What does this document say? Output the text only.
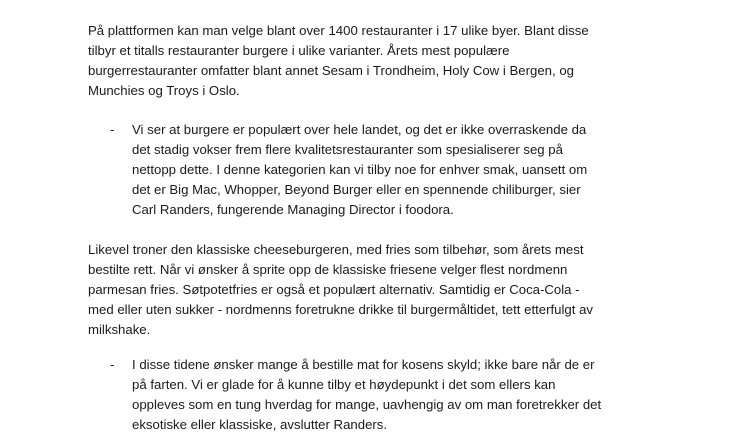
På plattformen kan man velge blant over 1400 restauranter i 17 ulike byer. Blant disse
tilbyr et titalls restauranter burgere i ulike varianter. Årets mest populære
burgerrestauranter omfatter blant annet Sesam i Trondheim, Holy Cow i Bergen, og
Munchies og Troys i Oslo.

- Vi ser at burgere er populært over hele landet, og det er ikke overraskende da
det stadig vokser frem flere kvalitetsrestauranter som spesialiserer seg på
nettopp dette. I denne kategorien kan vi tilby noe for enhver smak, uansett om
det er Big Mac, Whopper, Beyond Burger eller en spennende chiliburger, sier
Carl Randers, fungerende Managing Director i foodora.

Likevel troner den klassiske cheeseburgeren, med fries som tilbehør, som årets mest
bestilte rett. Når vi ønsker å sprite opp de klassiske friesene velger flest nordmenn
parmesan fries. Søtpotetfries er også et populært alternativ. Samtidig er Coca-Cola -
med eller uten sukker - nordmenns foretrukne drikke til burgermåltidet, tett etterfulgt av
milkshake.

- I disse tidene ønsker mange å bestille mat for kosens skyld; ikke bare når de er
på farten. Vi er glade for å kunne tilby et høydepunkt i det som ellers kan
oppleves som en tung hverdag for mange, uavhengig av om man foretrekker det
eksotiske eller klassiske, avslutter Randers.
